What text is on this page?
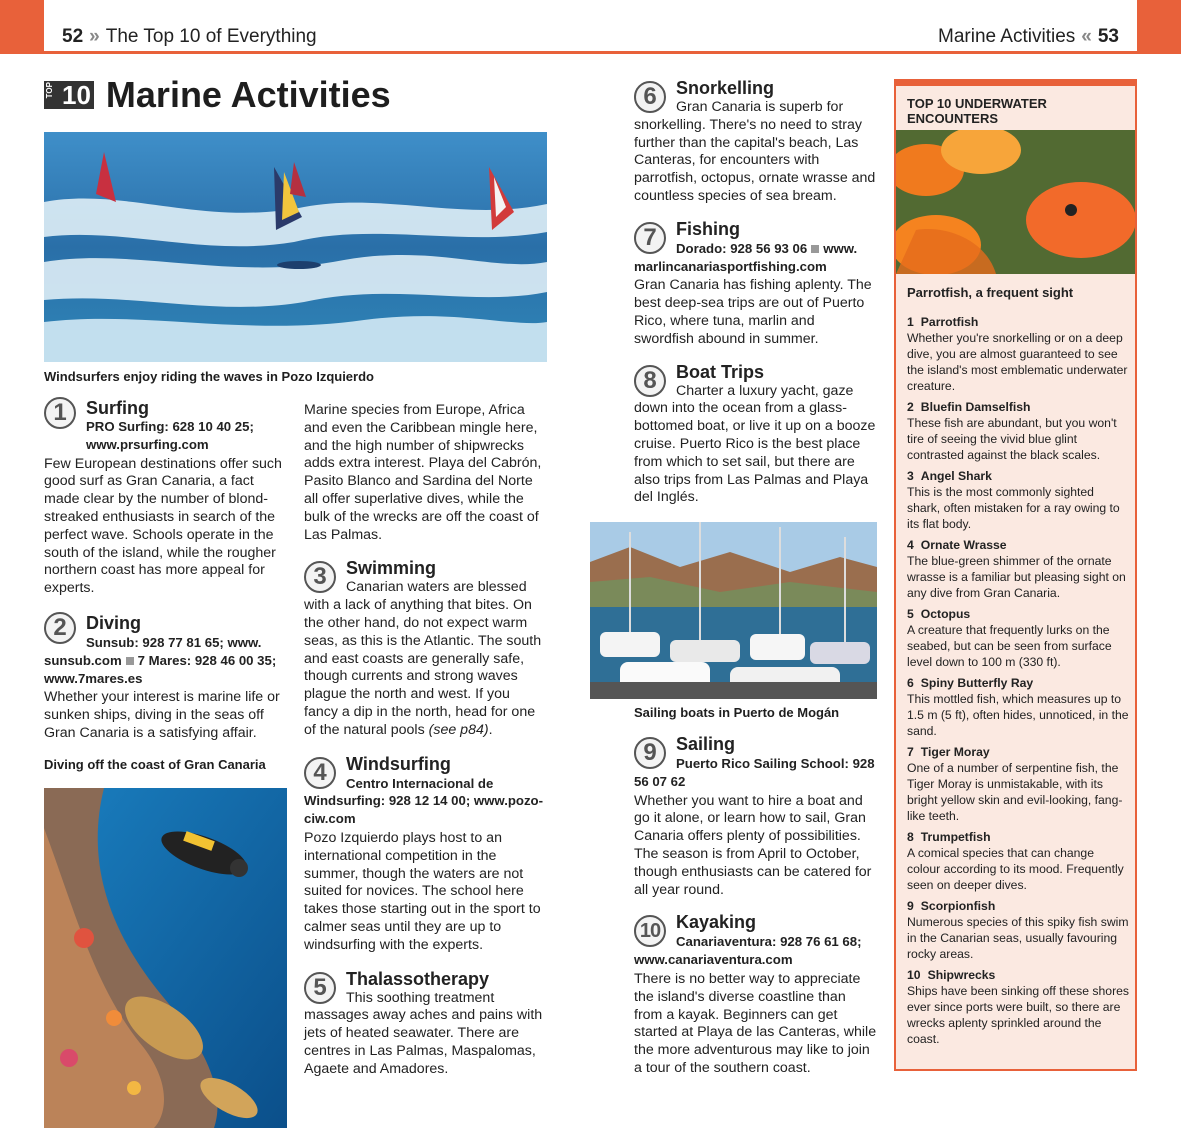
52 » The Top 10 of Everything	Marine Activities « 53
TOP 10 Marine Activities
Windsurfers enjoy riding the waves in Pozo Izquierdo
1	Surfing
PRO Surfing: 628 10 40 25; www.prsurfing.com
Few European destinations offer such good surf as Gran Canaria, a fact made clear by the number of blond-streaked enthusiasts in search of the perfect wave. Schools operate in the south of the island, while the rougher northern coast has more appeal for experts.
2	Diving
Sunsub: 928 77 81 65; www.
sunsub.com 7 Mares: 928 46 00 35;
www.7mares.es
Whether your interest is marine life or sunken ships, diving in the seas off Gran Canaria is a satisfying affair.
Diving off the coast of Gran Canaria
Marine species from Europe, Africa and even the Caribbean mingle here, and the high number of shipwrecks adds extra interest. Playa del Cabrón, Pasito Blanco and Sardina del Norte all offer superlative dives, while the bulk of the wrecks are off the coast of Las Palmas.
3	Swimming
Canarian waters are blessed with a lack of anything that bites. On the other hand, do not expect warm seas, as this is the Atlantic. The south and east coasts are generally safe, though currents and strong waves plague the north and west. If you fancy a dip in the north, head for one of the natural pools (see p84).
4	Windsurfing
Centro Internacional de Windsurfing: 928 12 14 00; www.pozo-ciw.com
Pozo Izquierdo plays host to an international competition in the summer, though the waters are not suited for novices. The school here takes those starting out in the sport to calmer seas until they are up to windsurfing with the experts.
5	Thalassotherapy
This soothing treatment massages away aches and pains with jets of heated seawater. There are centres in Las Palmas, Maspalomas, Agaete and Amadores.
6	Snorkelling
Gran Canaria is superb for snorkelling. There's no need to stray further than the capital's beach, Las Canteras, for encounters with parrotfish, octopus, ornate wrasse and countless species of sea bream.
7	Fishing
Dorado: 928 56 93 06 www.
marlincanariasportfishing.com
Gran Canaria has fishing aplenty. The best deep-sea trips are out of Puerto Rico, where tuna, marlin and swordfish abound in summer.
8	Boat Trips
Charter a luxury yacht, gaze down into the ocean from a glass-bottomed boat, or live it up on a booze cruise. Puerto Rico is the best place from which to set sail, but there are also trips from Las Palmas and Playa del Inglés.
Sailing boats in Puerto de Mogán
9	Sailing
Puerto Rico Sailing School: 928 56 07 62
Whether you want to hire a boat and go it alone, or learn how to sail, Gran Canaria offers plenty of possibilities. The season is from April to October, though enthusiasts can be catered for all year round.
10 Kayaking
Canariaventura: 928 76 61 68; www.canariaventura.com
There is no better way to appreciate the island's diverse coastline than from a kayak. Beginners can get started at Playa de las Canteras, while the more adventurous may like to join a tour of the southern coast.
TOP 10 UNDERWATER ENCOUNTERS
Parrotfish, a frequent sight
1 Parrotfish
Whether you're snorkelling or on a deep dive, you are almost guaranteed to see the island's most emblematic underwater creature.
2 Bluefin Damselfish
These fish are abundant, but you won't tire of seeing the vivid blue glint contrasted against the black scales.
3 Angel Shark
This is the most commonly sighted shark, often mistaken for a ray owing to its flat body.
4 Ornate Wrasse
The blue-green shimmer of the ornate wrasse is a familiar but pleasing sight on any dive from Gran Canaria.
5 Octopus
A creature that frequently lurks on the seabed, but can be seen from surface level down to 100 m (330 ft).
6 Spiny Butterfly Ray
This mottled fish, which measures up to 1.5 m (5 ft), often hides, unnoticed, in the sand.
7 Tiger Moray
One of a number of serpentine fish, the Tiger Moray is unmistakable, with its bright yellow skin and evil-looking, fang-like teeth.
8 Trumpetfish
A comical species that can change colour according to its mood. Frequently seen on deeper dives.
9 Scorpionfish
Numerous species of this spiky fish swim in the Canarian seas, usually favouring rocky areas.
10 Shipwrecks
Ships have been sinking off these shores ever since ports were built, so there are wrecks aplenty sprinkled around the coast.
